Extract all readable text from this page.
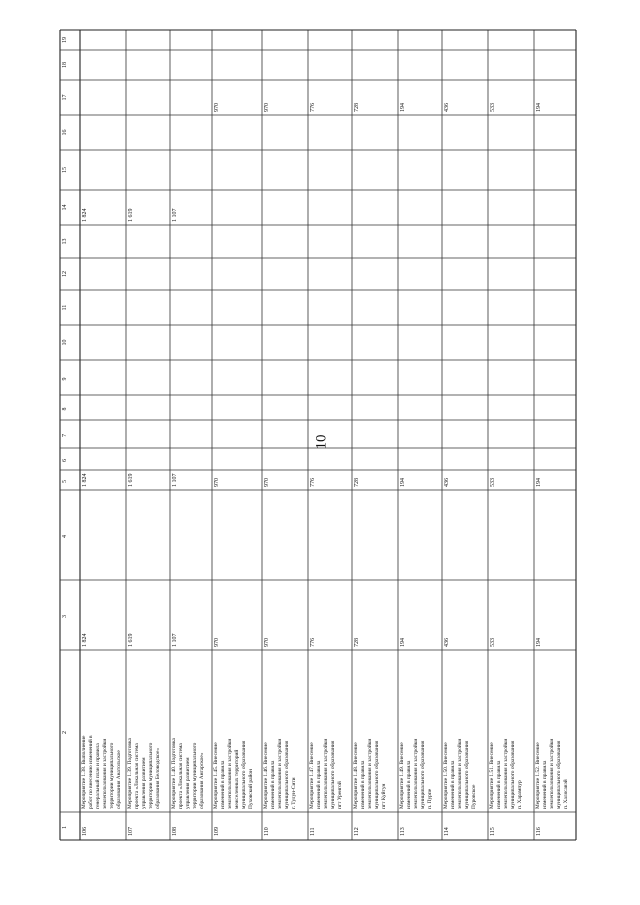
10
1
2
3
4
5
6
7
8
9
10
11
12
13
14
15
16
17
18
19
106
Мероприятие 1.38. Выполнение работ по внесению изменений в генеральный план и правила землепользования и застройки территории муниципального образования Анатольское
1 824
1 824
1 824
107
Мероприятие 1.39. Подготовка проекта «Локальная система управления развитием территории муниципального образования Беловодское»
1 619
1 619
1 619
108
Мероприятие 1.40. Подготовка проекта «Локальная система управления развитием территории муниципального образования Ангарское»
1 107
1 107
1 107
109
Мероприятие 1.45. Внесение изменений в правила землепользования и застройки межселенных территорий муниципального образования Пуховский район
970
970
970
110
Мероприятие 1.46. Внесение изменений в правила землепользования и застройки муниципального образования г. Тулун-Сити
970
970
970
111
Мероприятие 1.47. Внесение изменений в правила землепользования и застройки муниципального образования пгт Уренгой
776
776
776
112
Мероприятие 1.48. Внесение изменений в правила землепользования и застройки муниципального образования пгт Куйтун
728
728
728
113
Мероприятие 1.49. Внесение изменений в правила землепользования и застройки муниципального образования п. Пурпе
194
194
194
114
Мероприятие 1.50. Внесение изменений в правила землепользования и застройки муниципального образования Пуровское
436
436
436
115
Мероприятие 1.51. Внесение изменений в правила землепользования и застройки муниципального образования п. Харампур
533
533
533
116
Мероприятие 1.52. Внесение изменений в правила землепользования и застройки муниципального образования п. Халясавэй
194
194
194
